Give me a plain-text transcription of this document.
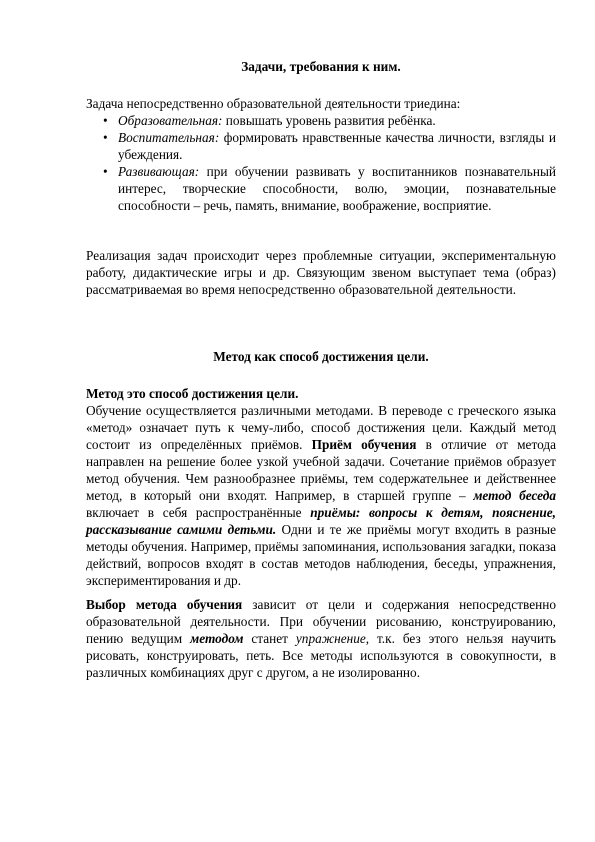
Задачи, требования к ним.
Задача непосредственно образовательной деятельности триедина:
• Образовательная: повышать уровень развития ребёнка.
• Воспитательная: формировать нравственные качества личности, взгляды и убеждения.
• Развивающая: при обучении развивать у воспитанников познавательный интерес, творческие способности, волю, эмоции, познавательные способности – речь, память, внимание, воображение, восприятие.
Реализация задач происходит через проблемные ситуации, экспериментальную работу, дидактические игры и др. Связующим звеном выступает тема (образ) рассматриваемая во время непосредственно образовательной деятельности.
Метод как способ достижения цели.
Метод это способ достижения цели.
Обучение осуществляется различными методами. В переводе с греческого языка «метод» означает путь к чему-либо, способ достижения цели. Каждый метод состоит из определённых приёмов. Приём обучения в отличие от метода направлен на решение более узкой учебной задачи. Сочетание приёмов образует метод обучения. Чем разнообразнее приёмы, тем содержательнее и действеннее метод, в который они входят. Например, в старшей группе – метод беседа включает в себя распространённые приёмы: вопросы к детям, пояснение, рассказывание самими детьми. Одни и те же приёмы могут входить в разные методы обучения. Например, приёмы запоминания, использования загадки, показа действий, вопросов входят в состав методов наблюдения, беседы, упражнения, экспериментирования и др.
Выбор метода обучения зависит от цели и содержания непосредственно образовательной деятельности. При обучении рисованию, конструированию, пению ведущим методом станет упражнение, т.к. без этого нельзя научить рисовать, конструировать, петь. Все методы используются в совокупности, в различных комбинациях друг с другом, а не изолированно.
